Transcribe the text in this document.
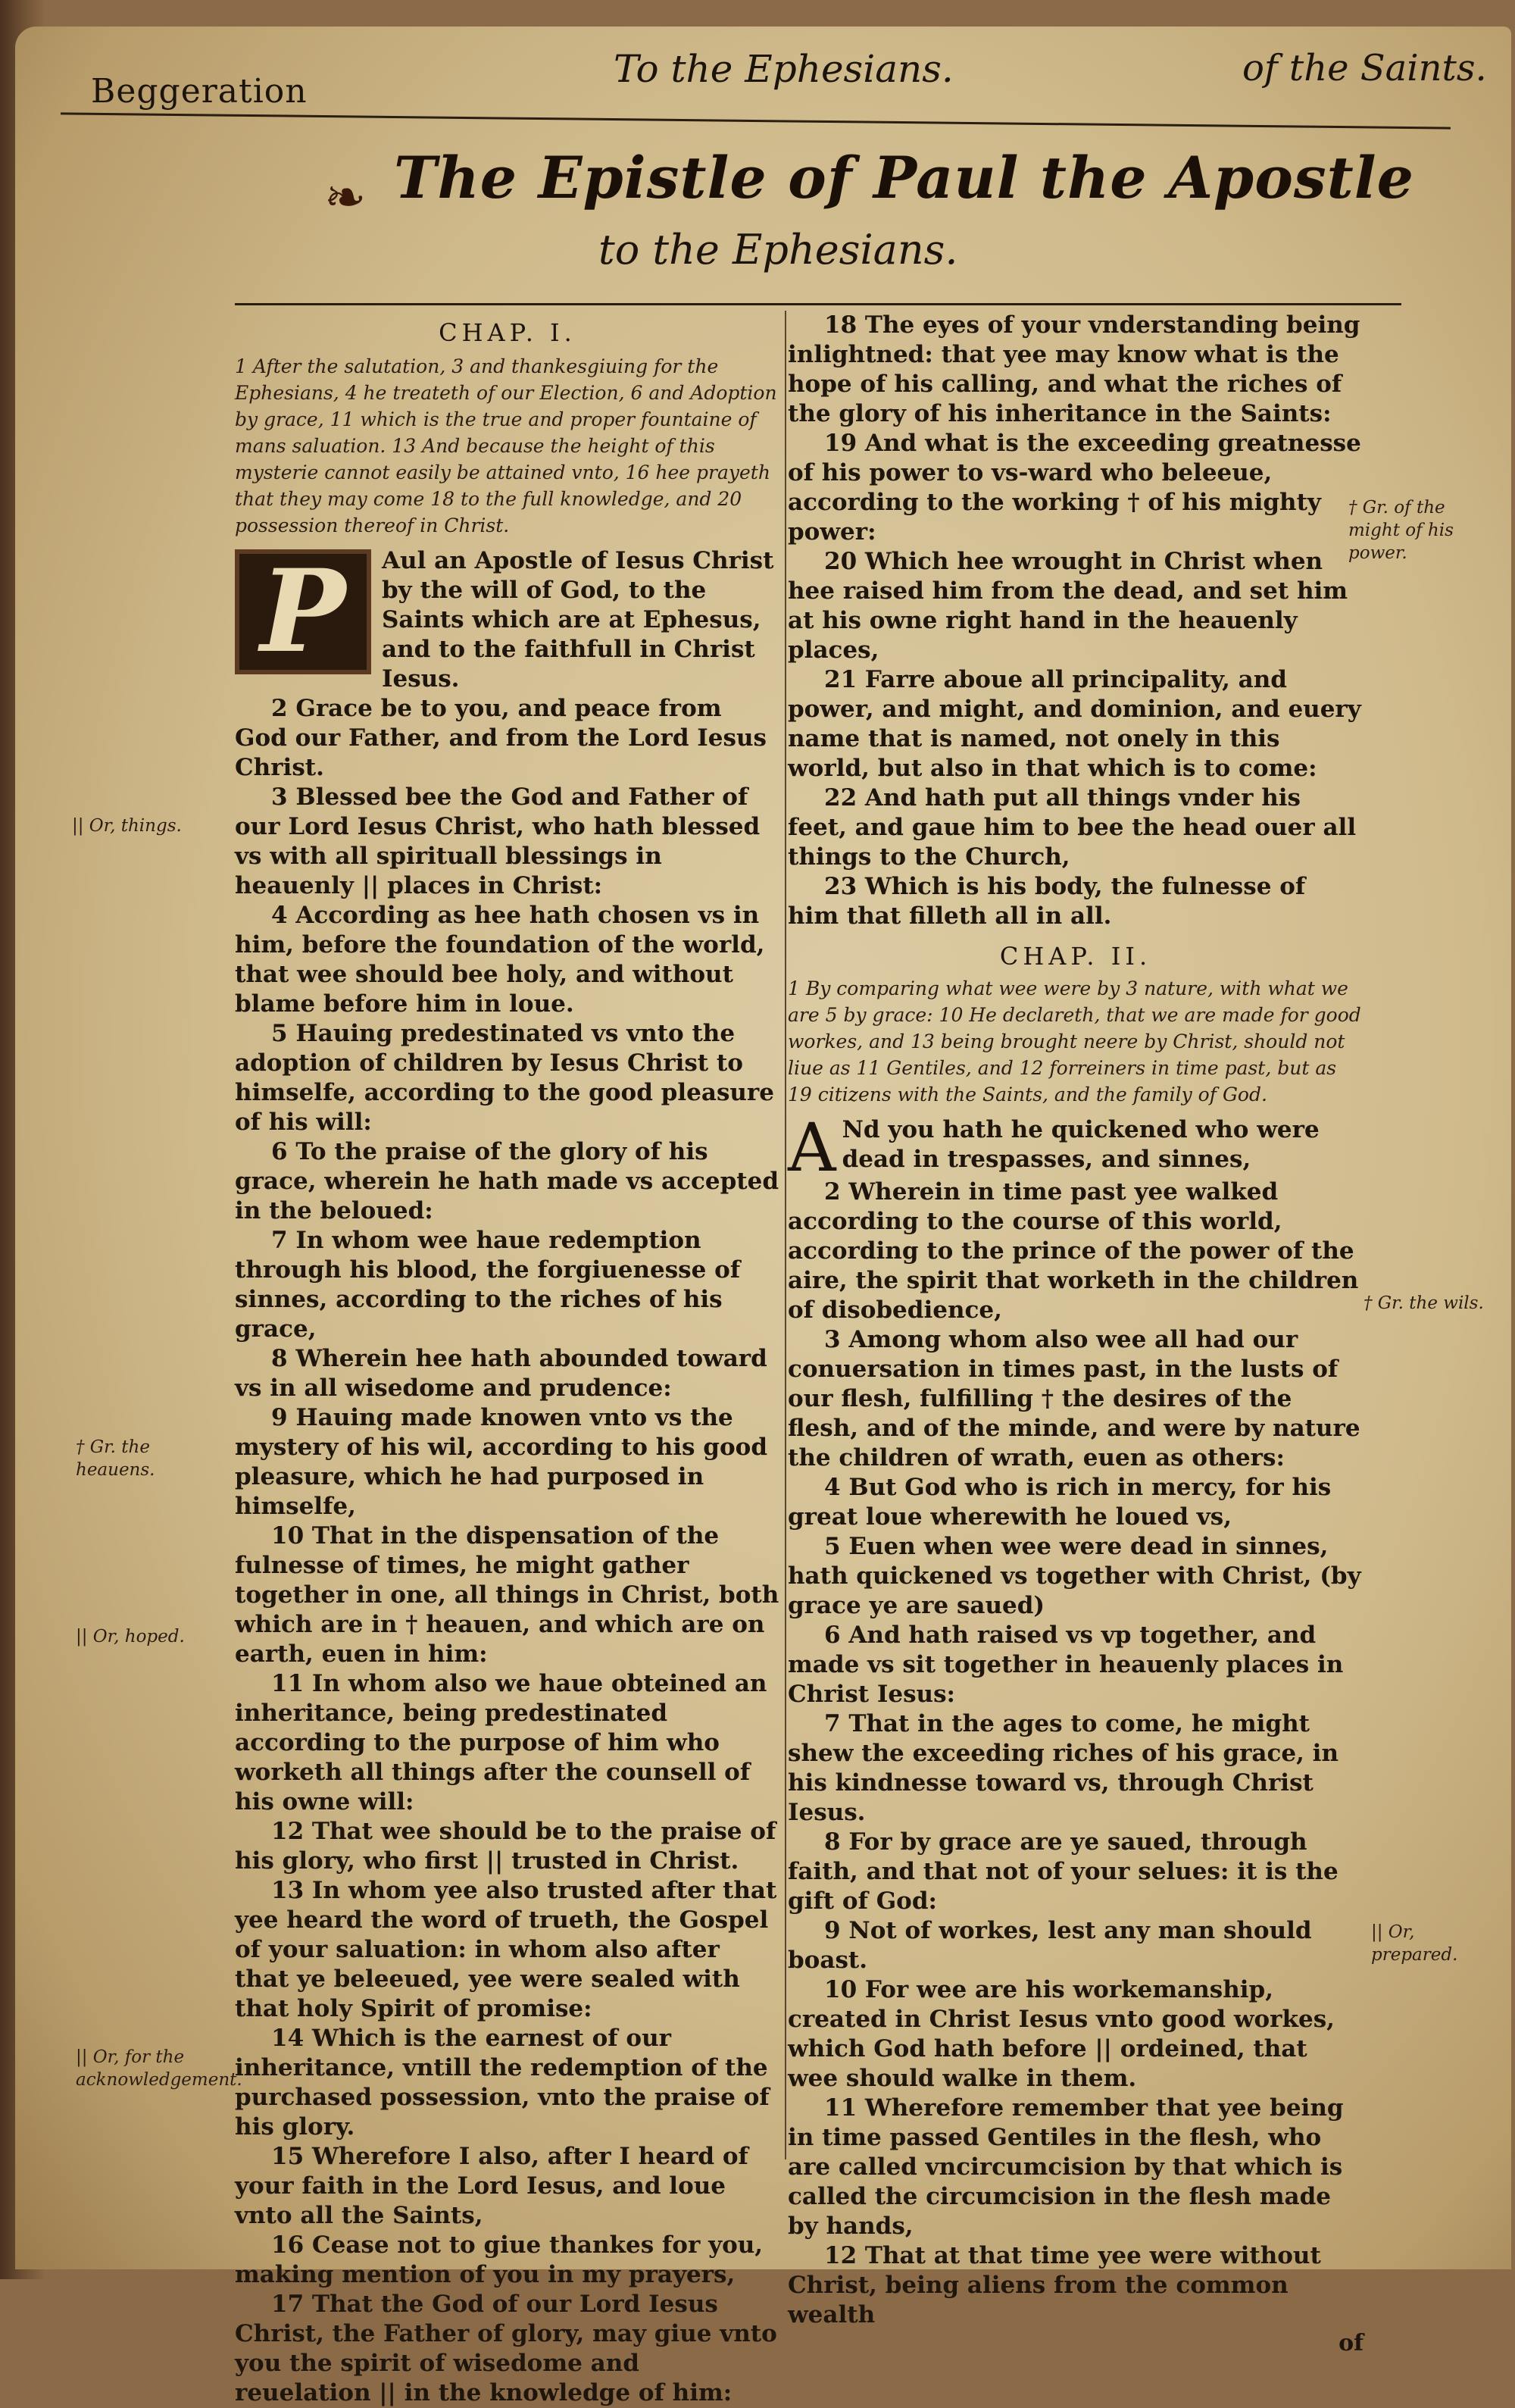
Beggeration
To the Ephesians.	of the Saints.
❧ The Epistle of Paul the Apostle
to the Ephesians.
CHAP. I.
1 After the salutation, 3 and thankesgiuing for the Ephesians, 4 he treateth of our Election, 6 and Adoption by grace, 11 which is the true and proper fountaine of mans saluation. 13 And because the height of this mysterie cannot easily be attained vnto, 16 hee prayeth that they may come 18 to the full knowledge, and 20 possession thereof in Christ.
P	Aul an Apostle of Iesus Christ by the will of God, to the Saints which are at Ephesus, and to the faithfull in Christ Iesus.

2 Grace be to you, and peace from God our Father, and from the Lord Iesus Christ.

3 Blessed bee the God and Father of our Lord Iesus Christ, who hath blessed vs with all spirituall blessings in heauenly || places in Christ:

4 According as hee hath chosen vs in him, before the foundation of the world, that wee should bee holy, and without blame before him in loue.

5 Hauing predestinated vs vnto the adoption of children by Iesus Christ to himselfe, according to the good pleasure of his will:

6 To the praise of the glory of his grace, wherein he hath made vs accepted in the beloued:

7 In whom wee haue redemption through his blood, the forgiuenesse of sinnes, according to the riches of his grace,

8 Wherein hee hath abounded toward vs in all wisedome and prudence:

9 Hauing made knowen vnto vs the mystery of his wil, according to his good pleasure, which he had purposed in himselfe,

10 That in the dispensation of the fulnesse of times, he might gather together in one, all things in Christ, both which are in † heauen, and which are on earth, euen in him:

11 In whom also we haue obteined an inheritance, being predestinated according to the purpose of him who worketh all things after the counsell of his owne will:

12 That wee should be to the praise of his glory, who first || trusted in Christ.

13 In whom yee also trusted after that yee heard the word of trueth, the Gospel of your saluation: in whom also after that ye beleeued, yee were sealed with that holy Spirit of promise:

14 Which is the earnest of our inheritance, vntill the redemption of the purchased possession, vnto the praise of his glory.

15 Wherefore I also, after I heard of your faith in the Lord Iesus, and loue vnto all the Saints,

16 Cease not to giue thankes for you, making mention of you in my prayers,

17 That the God of our Lord Iesus Christ, the Father of glory, may giue vnto you the spirit of wisedome and reuelation || in the knowledge of him:

18 The eyes of your vnderstanding being inlightned: that yee may know what is the hope of his calling, and what the riches of the glory of his inheritance in the Saints:

19 And what is the exceeding greatnesse of his power to vs-ward who beleeue, according to the working † of his mighty power:

20 Which hee wrought in Christ when hee raised him from the dead, and set him at his owne right hand in the heauenly places,

21 Farre aboue all principality, and power, and might, and dominion, and euery name that is named, not onely in this world, but also in that which is to come:

22 And hath put all things vnder his feet, and gaue him to bee the head ouer all things to the Church,

23 Which is his body, the fulnesse of him that filleth all in all.

CHAP. II.
1 By comparing what wee were by 3 nature, with what we are 5 by grace: 10 He declareth, that we are made for good workes, and 13 being brought neere by Christ, should not liue as 11 Gentiles, and 12 forreiners in time past, but as 19 citizens with the Saints, and the family of God.
A Nd you hath he quickened who were dead in trespasses, and sinnes,

2 Wherein in time past yee walked according to the course of this world, according to the prince of the power of the aire, the spirit that worketh in the children of disobedience,

3 Among whom also wee all had our conuersation in times past, in the lusts of our flesh, fulfilling † the desires of the flesh, and of the minde, and were by nature the children of wrath, euen as others:

4 But God who is rich in mercy, for his great loue wherewith he loued vs,

5 Euen when wee were dead in sinnes, hath quickened vs together with Christ, (by grace ye are saued)

6 And hath raised vs vp together, and made vs sit together in heauenly places in Christ Iesus:

7 That in the ages to come, he might shew the exceeding riches of his grace, in his kindnesse toward vs, through Christ Iesus.

8 For by grace are ye saued, through faith, and that not of your selues: it is the gift of God:

9 Not of workes, lest any man should boast.

10 For wee are his workemanship, created in Christ Iesus vnto good workes, which God hath before || ordeined, that wee should walke in them.

11 Wherefore remember that yee being in time passed Gentiles in the flesh, who are called vncircumcision by that which is called the circumcision in the flesh made by hands,

12 That at that time yee were without Christ, being aliens from the common wealth

of
|| Or, things.
† Gr. the heauens.
|| Or, hoped.
|| Or, for the acknowledgement.
† Gr. of the might of his power.
† Gr. the wils.
|| Or, prepared.
